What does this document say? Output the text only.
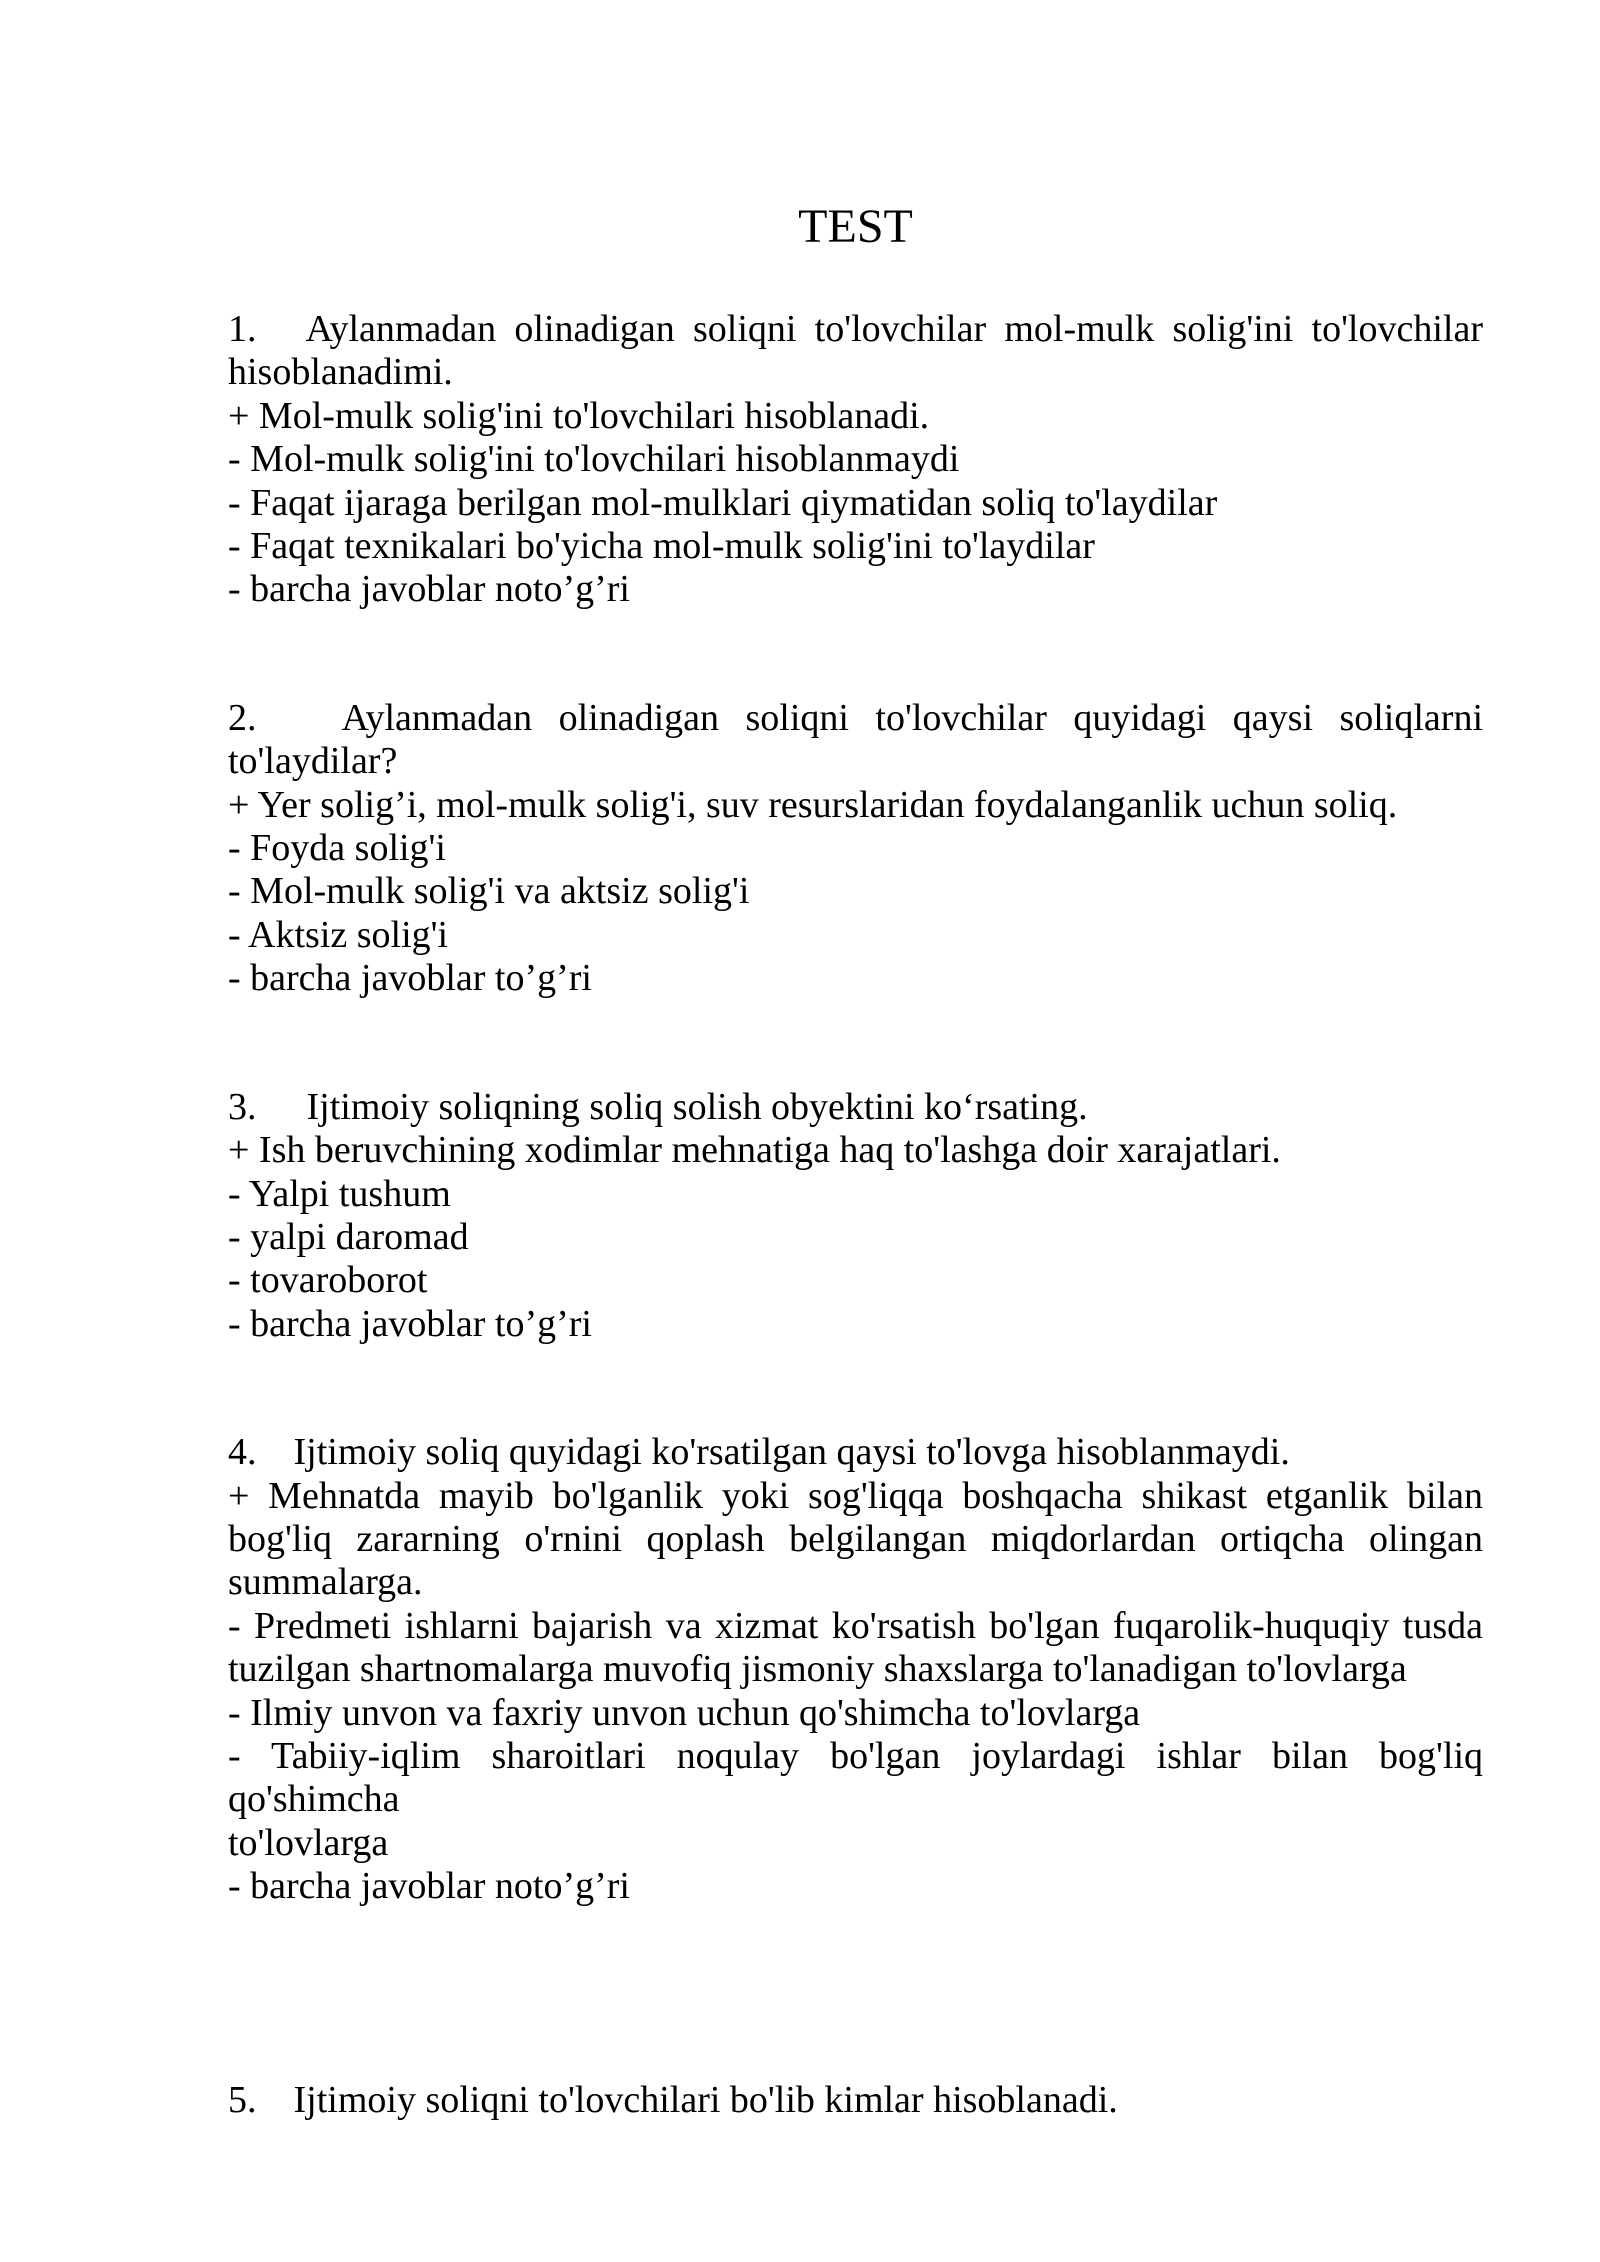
TEST
1. Aylanmadan olinadigan soliqni to'lovchilar mol-mulk solig'ini to'lovchilar
hisoblanadimi.
+ Mol-mulk solig'ini to'lovchilari hisoblanadi.
- Mol-mulk solig'ini to'lovchilari hisoblanmaydi
- Faqat ijaraga berilgan mol-mulklari qiymatidan soliq to'laydilar
- Faqat texnikalari bo'yicha mol-mulk solig'ini to'laydilar
- barcha javoblar noto’g’ri
2. Aylanmadan olinadigan soliqni to'lovchilar quyidagi qaysi soliqlarni
to'laydilar?
+ Yer solig’i, mol-mulk solig'i, suv resurslaridan foydalanganlik uchun soliq.
- Foyda solig'i
- Mol-mulk solig'i va aktsiz solig'i
- Aktsiz solig'i
- barcha javoblar to’g’ri
3. Ijtimoiy soliqning soliq solish obyektini ko‘rsating.
+ Ish beruvchining xodimlar mehnatiga haq to'lashga doir xarajatlari.
- Yalpi tushum
- yalpi daromad
- tovaroborot
- barcha javoblar to’g’ri
4. Ijtimoiy soliq quyidagi ko'rsatilgan qaysi to'lovga hisoblanmaydi.
+ Mehnatda mayib bo'lganlik yoki sog'liqqa boshqacha shikast etganlik bilan
bog'liq zararning o'rnini qoplash belgilangan miqdorlardan ortiqcha olingan
summalarga.
- Predmeti ishlarni bajarish va xizmat ko'rsatish bo'lgan fuqarolik-huquqiy tusda
tuzilgan shartnomalarga muvofiq jismoniy shaxslarga to'lanadigan to'lovlarga
- Ilmiy unvon va faxriy unvon uchun qo'shimcha to'lovlarga
- Tabiiy-iqlim sharoitlari noqulay bo'lgan joylardagi ishlar bilan bog'liq qo'shimcha
to'lovlarga
- barcha javoblar noto’g’ri
5. Ijtimoiy soliqni to'lovchilari bo'lib kimlar hisoblanadi.
